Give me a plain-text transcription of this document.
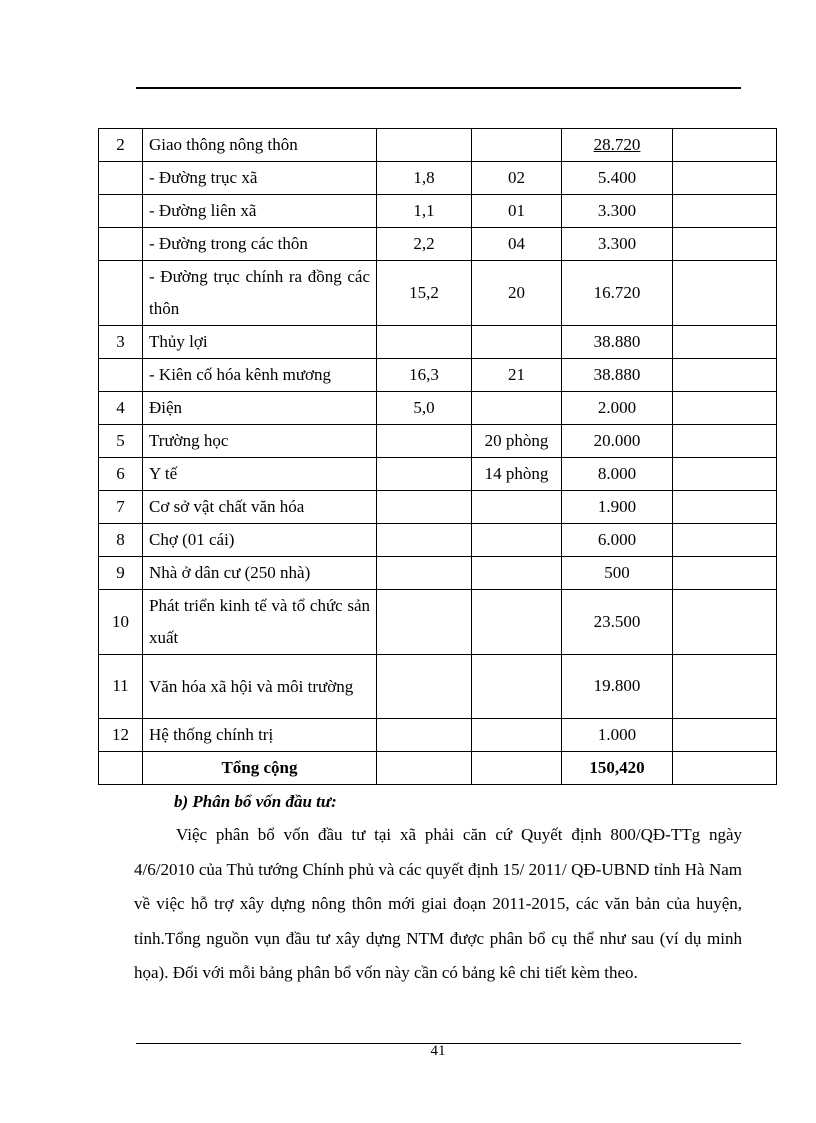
2	Giao thông nông thôn			28.720	
	- Đường trục xã	1,8	02	5.400	
	- Đường liên xã	1,1	01	3.300	
	- Đường trong các thôn	2,2	04	3.300	
	- Đường trục chính ra đồng các thôn	15,2	20	16.720	
3	Thủy lợi			38.880	
	- Kiên cố hóa kênh mương	16,3	21	38.880	
4	Điện	5,0		2.000	
5	Trường học		20 phòng	20.000	
6	Y tế		14 phòng	8.000	
7	Cơ sở vật chất văn hóa			1.900	
8	Chợ (01 cái)			6.000	
9	Nhà ở dân cư (250 nhà)			500	
10	Phát triển kinh tế và tổ chức sản xuất			23.500	
11	Văn hóa xã hội và môi trường			19.800	
12	Hệ thống chính trị			1.000	
	Tổng cộng			150,420	
b) Phân bổ vốn đầu tư:

Việc phân bổ vốn đầu tư tại xã phải căn cứ Quyết định 800/QĐ-TTg ngày 4/6/2010 của Thủ tướng Chính phủ và các quyết định 15/ 2011/ QĐ-UBND tỉnh Hà Nam về việc hỗ trợ xây dựng nông thôn mới giai đoạn 2011-2015, các văn bản của huyện, tỉnh.Tổng nguồn vụn đầu tư xây dựng NTM được phân bổ cụ thể như sau (ví dụ minh họa). Đối với mỗi bảng phân bổ vốn này cần có bảng kê chi tiết kèm theo.

41
